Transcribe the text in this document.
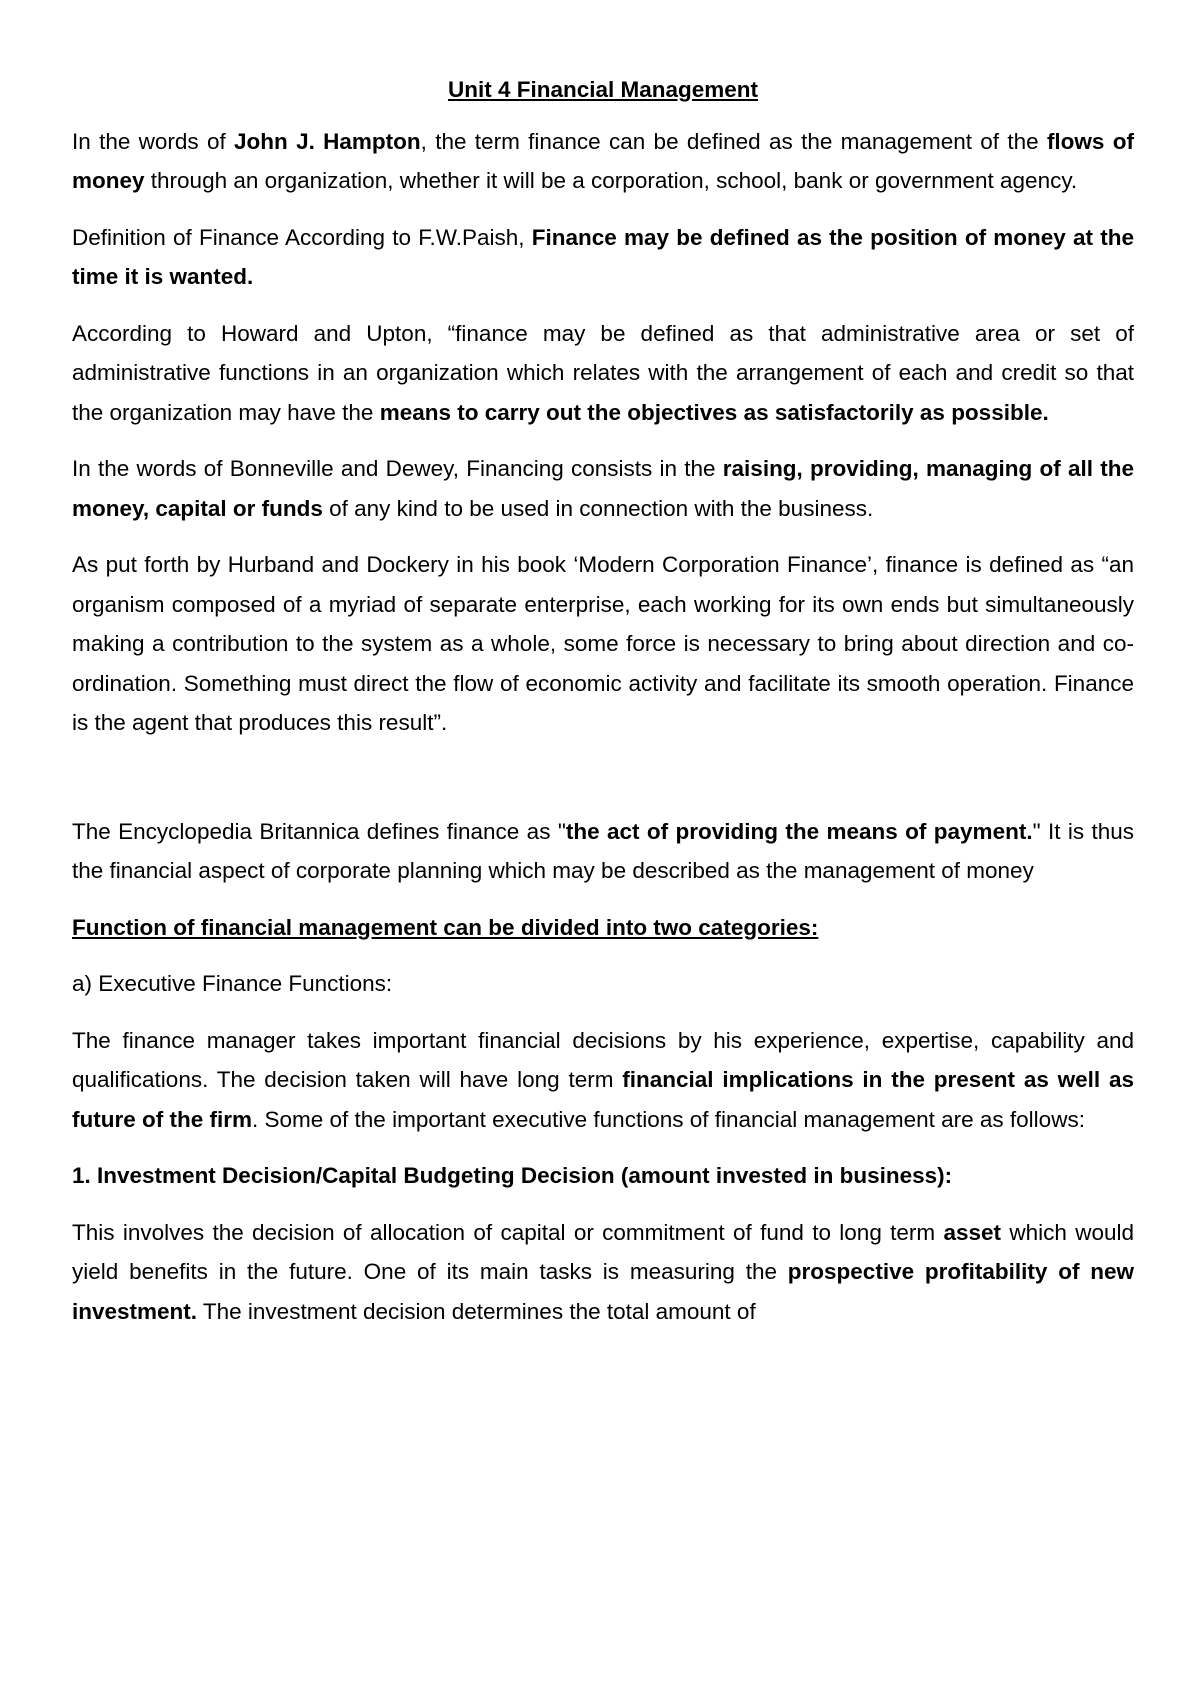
Unit 4 Financial Management

In the words of John J. Hampton, the term finance can be defined as the management of the flows of money through an organization, whether it will be a corporation, school, bank or government agency.

Definition of Finance According to F.W.Paish, Finance may be defined as the position of money at the time it is wanted.

According to Howard and Upton, “finance may be defined as that administrative area or set of administrative functions in an organization which relates with the arrangement of each and credit so that the organization may have the means to carry out the objectives as satisfactorily as possible.

In the words of Bonneville and Dewey, Financing consists in the raising, providing, managing of all the money, capital or funds of any kind to be used in connection with the business.

As put forth by Hurband and Dockery in his book ‘Modern Corporation Finance’, finance is defined as “an organism composed of a myriad of separate enterprise, each working for its own ends but simultaneously making a contribution to the system as a whole, some force is necessary to bring about direction and co-ordination. Something must direct the flow of economic activity and facilitate its smooth operation. Finance is the agent that produces this result”.

The Encyclopedia Britannica defines finance as "the act of providing the means of payment." It is thus the financial aspect of corporate planning which may be described as the management of money

Function of financial management can be divided into two categories:

a) Executive Finance Functions:

The finance manager takes important financial decisions by his experience, expertise, capability and qualifications. The decision taken will have long term financial implications in the present as well as future of the firm. Some of the important executive functions of financial management are as follows:

1. Investment Decision/Capital Budgeting Decision (amount invested in business):

This involves the decision of allocation of capital or commitment of fund to long term asset which would yield benefits in the future. One of its main tasks is measuring the prospective profitability of new investment. The investment decision determines the total amount of
